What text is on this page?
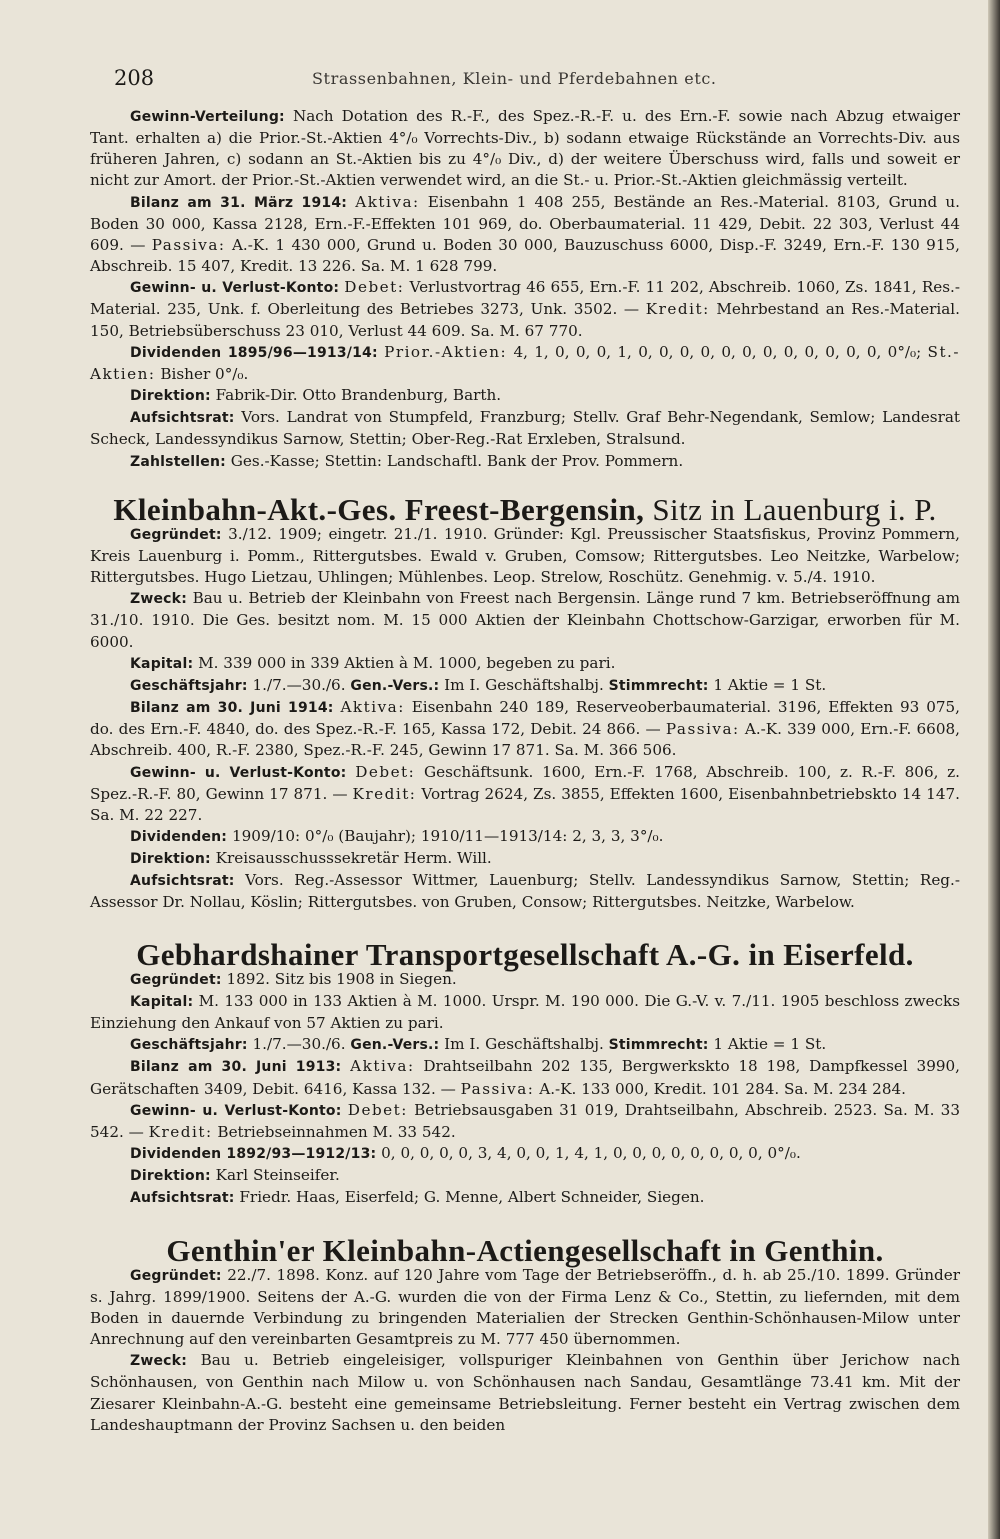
208	Strassenbahnen, Klein- und Pferdebahnen etc.

Gewinn-Verteilung: Nach Dotation des R.-F., des Spez.-R.-F. u. des Ern.-F. sowie nach Abzug etwaiger Tant. erhalten a) die Prior.-St.-Aktien 4°/₀ Vorrechts-Div., b) sodann etwaige Rückstände an Vorrechts-Div. aus früheren Jahren, c) sodann an St.-Aktien bis zu 4°/₀ Div., d) der weitere Überschuss wird, falls und soweit er nicht zur Amort. der Prior.-St.-Aktien verwendet wird, an die St.- u. Prior.-St.-Aktien gleichmässig verteilt.

Bilanz am 31. März 1914: Aktiva: Eisenbahn 1 408 255, Bestände an Res.-Material. 8103, Grund u. Boden 30 000, Kassa 2128, Ern.-F.-Effekten 101 969, do. Oberbaumaterial. 11 429, Debit. 22 303, Verlust 44 609. — Passiva: A.-K. 1 430 000, Grund u. Boden 30 000, Bauzuschuss 6000, Disp.-F. 3249, Ern.-F. 130 915, Abschreib. 15 407, Kredit. 13 226. Sa. M. 1 628 799.

Gewinn- u. Verlust-Konto: Debet: Verlustvortrag 46 655, Ern.-F. 11 202, Abschreib. 1060, Zs. 1841, Res.-Material. 235, Unk. f. Oberleitung des Betriebes 3273, Unk. 3502. — Kredit: Mehrbestand an Res.-Material. 150, Betriebsüberschuss 23 010, Verlust 44 609. Sa. M. 67 770.

Dividenden 1895/96—1913/14: Prior.-Aktien: 4, 1, 0, 0, 0, 1, 0, 0, 0, 0, 0, 0, 0, 0, 0, 0, 0, 0, 0°/₀; St.-Aktien: Bisher 0°/₀.

Direktion: Fabrik-Dir. Otto Brandenburg, Barth.

Aufsichtsrat: Vors. Landrat von Stumpfeld, Franzburg; Stellv. Graf Behr-Negendank, Semlow; Landesrat Scheck, Landessyndikus Sarnow, Stettin; Ober-Reg.-Rat Erxleben, Stralsund.

Zahlstellen: Ges.-Kasse; Stettin: Landschaftl. Bank der Prov. Pommern.

Kleinbahn-Akt.-Ges. Freest-Bergensin, Sitz in Lauenburg i. P.

Gegründet: 3./12. 1909; eingetr. 21./1. 1910. Gründer: Kgl. Preussischer Staatsfiskus, Provinz Pommern, Kreis Lauenburg i. Pomm., Rittergutsbes. Ewald v. Gruben, Comsow; Rittergutsbes. Leo Neitzke, Warbelow; Rittergutsbes. Hugo Lietzau, Uhlingen; Mühlenbes. Leop. Strelow, Roschütz. Genehmig. v. 5./4. 1910.

Zweck: Bau u. Betrieb der Kleinbahn von Freest nach Bergensin. Länge rund 7 km. Betriebseröffnung am 31./10. 1910. Die Ges. besitzt nom. M. 15 000 Aktien der Kleinbahn Chottschow-Garzigar, erworben für M. 6000.

Kapital: M. 339 000 in 339 Aktien à M. 1000, begeben zu pari.

Geschäftsjahr: 1./7.—30./6. Gen.-Vers.: Im I. Geschäftshalbj. Stimmrecht: 1 Aktie = 1 St.

Bilanz am 30. Juni 1914: Aktiva: Eisenbahn 240 189, Reserveoberbaumaterial. 3196, Effekten 93 075, do. des Ern.-F. 4840, do. des Spez.-R.-F. 165, Kassa 172, Debit. 24 866. — Passiva: A.-K. 339 000, Ern.-F. 6608, Abschreib. 400, R.-F. 2380, Spez.-R.-F. 245, Gewinn 17 871. Sa. M. 366 506.

Gewinn- u. Verlust-Konto: Debet: Geschäftsunk. 1600, Ern.-F. 1768, Abschreib. 100, z. R.-F. 806, z. Spez.-R.-F. 80, Gewinn 17 871. — Kredit: Vortrag 2624, Zs. 3855, Effekten 1600, Eisenbahnbetriebskto 14 147. Sa. M. 22 227.

Dividenden: 1909/10: 0°/₀ (Baujahr); 1910/11—1913/14: 2, 3, 3, 3°/₀.

Direktion: Kreisausschusssekretär Herm. Will.

Aufsichtsrat: Vors. Reg.-Assessor Wittmer, Lauenburg; Stellv. Landessyndikus Sarnow, Stettin; Reg.-Assessor Dr. Nollau, Köslin; Rittergutsbes. von Gruben, Consow; Rittergutsbes. Neitzke, Warbelow.

Gebhardshainer Transportgesellschaft A.-G. in Eiserfeld.

Gegründet: 1892. Sitz bis 1908 in Siegen.

Kapital: M. 133 000 in 133 Aktien à M. 1000. Urspr. M. 190 000. Die G.-V. v. 7./11. 1905 beschloss zwecks Einziehung den Ankauf von 57 Aktien zu pari.

Geschäftsjahr: 1./7.—30./6. Gen.-Vers.: Im I. Geschäftshalbj. Stimmrecht: 1 Aktie = 1 St.

Bilanz am 30. Juni 1913: Aktiva: Drahtseilbahn 202 135, Bergwerkskto 18 198, Dampfkessel 3990, Gerätschaften 3409, Debit. 6416, Kassa 132. — Passiva: A.-K. 133 000, Kredit. 101 284. Sa. M. 234 284.

Gewinn- u. Verlust-Konto: Debet: Betriebsausgaben 31 019, Drahtseilbahn, Abschreib. 2523. Sa. M. 33 542. — Kredit: Betriebseinnahmen M. 33 542.

Dividenden 1892/93—1912/13: 0, 0, 0, 0, 0, 3, 4, 0, 0, 1, 4, 1, 0, 0, 0, 0, 0, 0, 0, 0, 0°/₀.

Direktion: Karl Steinseifer.

Aufsichtsrat: Friedr. Haas, Eiserfeld; G. Menne, Albert Schneider, Siegen.

Genthin'er Kleinbahn-Actiengesellschaft in Genthin.

Gegründet: 22./7. 1898. Konz. auf 120 Jahre vom Tage der Betriebseröffn., d. h. ab 25./10. 1899. Gründer s. Jahrg. 1899/1900. Seitens der A.-G. wurden die von der Firma Lenz & Co., Stettin, zu liefernden, mit dem Boden in dauernde Verbindung zu bringenden Materialien der Strecken Genthin-Schönhausen-Milow unter Anrechnung auf den vereinbarten Gesamtpreis zu M. 777 450 übernommen.

Zweck: Bau u. Betrieb eingeleisiger, vollspuriger Kleinbahnen von Genthin über Jerichow nach Schönhausen, von Genthin nach Milow u. von Schönhausen nach Sandau, Gesamtlänge 73.41 km. Mit der Ziesarer Kleinbahn-A.-G. besteht eine gemeinsame Betriebsleitung. Ferner besteht ein Vertrag zwischen dem Landeshauptmann der Provinz Sachsen u. den beiden
